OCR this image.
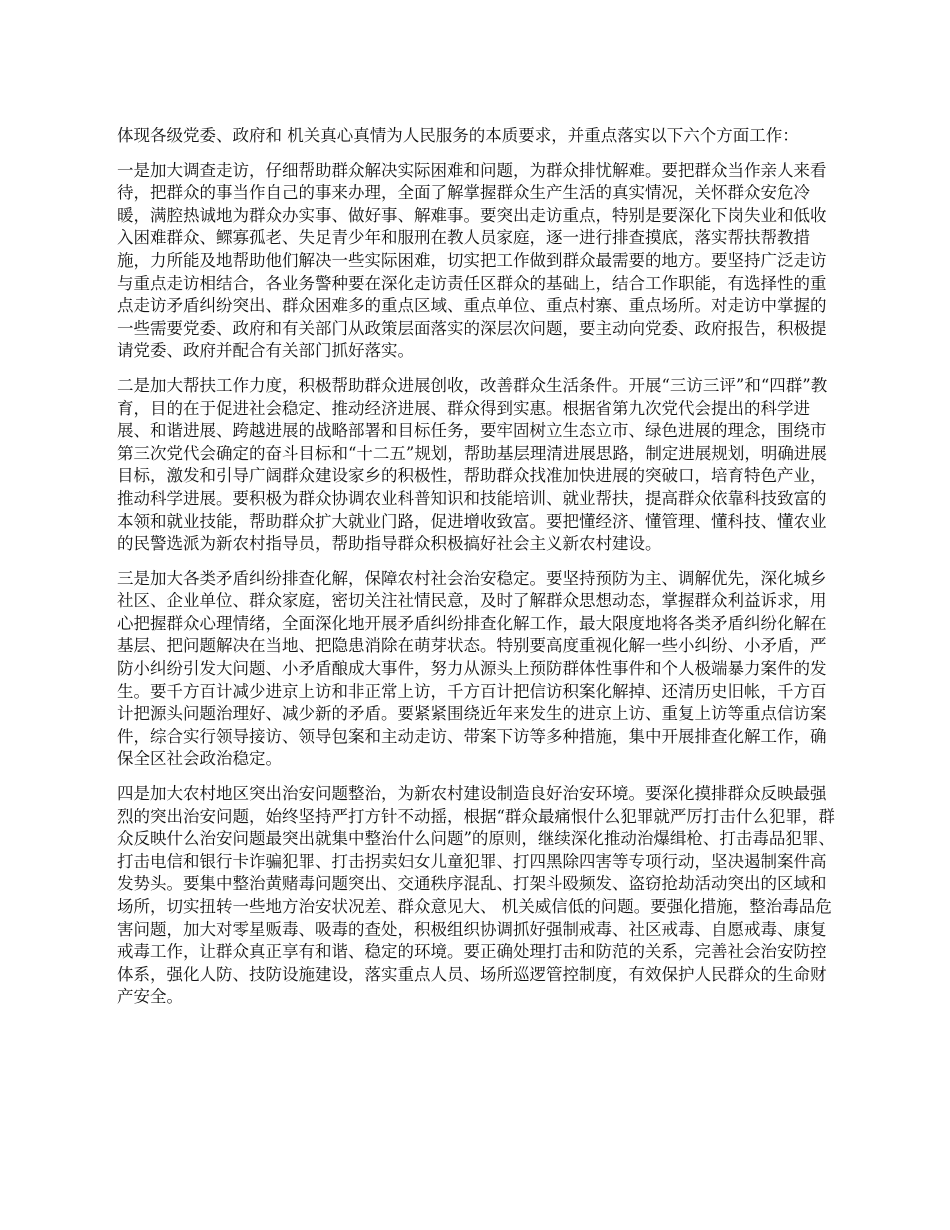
体现各级党委、政府和 机关真心真情为人民服务的本质要求，并重点落实以下六个方面工作：

一是加大调查走访，仔细帮助群众解决实际困难和问题，为群众排忧解难。要把群众当作亲人来看待，把群众的事当作自己的事来办理，全面了解掌握群众生产生活的真实情况，关怀群众安危冷暖，满腔热诚地为群众办实事、做好事、解难事。要突出走访重点，特别是要深化下岗失业和低收入困难群众、鳏寡孤老、失足青少年和服刑在教人员家庭，逐一进行排查摸底，落实帮扶帮教措施，力所能及地帮助他们解决一些实际困难，切实把工作做到群众最需要的地方。要坚持广泛走访与重点走访相结合，各业务警种要在深化走访责任区群众的基础上，结合工作职能，有选择性的重点走访矛盾纠纷突出、群众困难多的重点区域、重点单位、重点村寨、重点场所。对走访中掌握的一些需要党委、政府和有关部门从政策层面落实的深层次问题，要主动向党委、政府报告，积极提请党委、政府并配合有关部门抓好落实。

二是加大帮扶工作力度，积极帮助群众进展创收，改善群众生活条件。开展“三访三评”和“四群”教育，目的在于促进社会稳定、推动经济进展、群众得到实惠。根据省第九次党代会提出的科学进展、和谐进展、跨越进展的战略部署和目标任务，要牢固树立生态立市、绿色进展的理念，围绕市第三次党代会确定的奋斗目标和“十二五”规划，帮助基层理清进展思路，制定进展规划，明确进展目标，激发和引导广阔群众建设家乡的积极性，帮助群众找准加快进展的突破口，培育特色产业，推动科学进展。要积极为群众协调农业科普知识和技能培训、就业帮扶，提高群众依靠科技致富的本领和就业技能，帮助群众扩大就业门路，促进增收致富。要把懂经济、懂管理、懂科技、懂农业的民警选派为新农村指导员，帮助指导群众积极搞好社会主义新农村建设。

三是加大各类矛盾纠纷排查化解，保障农村社会治安稳定。要坚持预防为主、调解优先，深化城乡社区、企业单位、群众家庭，密切关注社情民意，及时了解群众思想动态，掌握群众利益诉求，用心把握群众心理情绪，全面深化地开展矛盾纠纷排查化解工作，最大限度地将各类矛盾纠纷化解在基层、把问题解决在当地、把隐患消除在萌芽状态。特别要高度重视化解一些小纠纷、小矛盾，严防小纠纷引发大问题、小矛盾酿成大事件，努力从源头上预防群体性事件和个人极端暴力案件的发生。要千方百计减少进京上访和非正常上访，千方百计把信访积案化解掉、还清历史旧帐，千方百计把源头问题治理好、减少新的矛盾。要紧紧围绕近年来发生的进京上访、重复上访等重点信访案件，综合实行领导接访、领导包案和主动走访、带案下访等多种措施，集中开展排查化解工作，确保全区社会政治稳定。

四是加大农村地区突出治安问题整治，为新农村建设制造良好治安环境。要深化摸排群众反映最强烈的突出治安问题，始终坚持严打方针不动摇，根据“群众最痛恨什么犯罪就严厉打击什么犯罪，群众反映什么治安问题最突出就集中整治什么问题”的原则，继续深化推动治爆缉枪、打击毒品犯罪、打击电信和银行卡诈骗犯罪、打击拐卖妇女儿童犯罪、打四黑除四害等专项行动，坚决遏制案件高发势头。要集中整治黄赌毒问题突出、交通秩序混乱、打架斗殴频发、盗窃抢劫活动突出的区域和场所，切实扭转一些地方治安状况差、群众意见大、 机关威信低的问题。要强化措施，整治毒品危害问题，加大对零星贩毒、吸毒的查处，积极组织协调抓好强制戒毒、社区戒毒、自愿戒毒、康复戒毒工作，让群众真正享有和谐、稳定的环境。要正确处理打击和防范的关系，完善社会治安防控体系，强化人防、技防设施建设，落实重点人员、场所巡逻管控制度，有效保护人民群众的生命财产安全。
